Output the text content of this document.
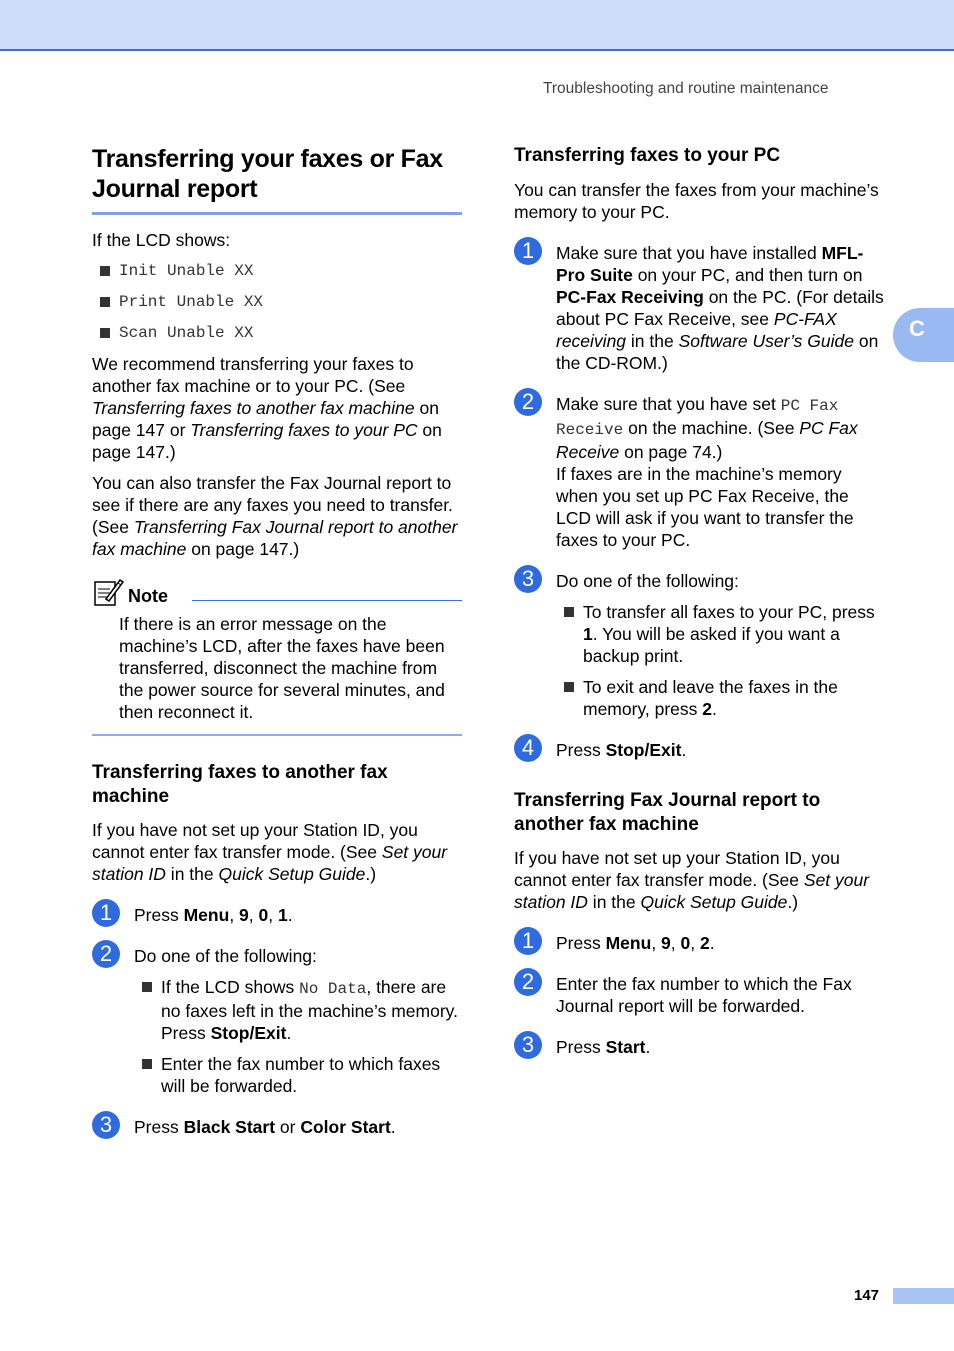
Troubleshooting and routine maintenance
C
Transferring your faxes or Fax Journal report

If the LCD shows:

Init Unable XX
Print Unable XX
Scan Unable XX

We recommend transferring your faxes to another fax machine or to your PC. (See Transferring faxes to another fax machine on page 147 or Transferring faxes to your PC on page 147.)

You can also transfer the Fax Journal report to see if there are any faxes you need to transfer. (See Transferring Fax Journal report to another fax machine on page 147.)

Note

If there is an error message on the machine’s LCD, after the faxes have been transferred, disconnect the machine from the power source for several minutes, and then reconnect it.

Transferring faxes to another fax machine

If you have not set up your Station ID, you cannot enter fax transfer mode. (See Set your station ID in the Quick Setup Guide.)

1	Press Menu, 9, 0, 1.

2	Do one of the following:

If the LCD shows No Data, there are no faxes left in the machine’s memory. Press Stop/Exit.

Enter the fax number to which faxes will be forwarded.

3	Press Black Start or Color Start.

Transferring faxes to your PC

You can transfer the faxes from your machine’s memory to your PC.

1	Make sure that you have installed MFL-Pro Suite on your PC, and then turn on PC-Fax Receiving on the PC. (For details about PC Fax Receive, see PC-FAX receiving in the Software User’s Guide on the CD-ROM.)

2	Make sure that you have set PC Fax Receive on the machine. (See PC Fax Receive on page 74.)

If faxes are in the machine’s memory when you set up PC Fax Receive, the LCD will ask if you want to transfer the faxes to your PC.

3	Do one of the following:

To transfer all faxes to your PC, press 1. You will be asked if you want a backup print.

To exit and leave the faxes in the memory, press 2.

4	Press Stop/Exit.

Transferring Fax Journal report to another fax machine

If you have not set up your Station ID, you cannot enter fax transfer mode. (See Set your station ID in the Quick Setup Guide.)

1	Press Menu, 9, 0, 2.

2	Enter the fax number to which the Fax Journal report will be forwarded.

3	Press Start.

147
